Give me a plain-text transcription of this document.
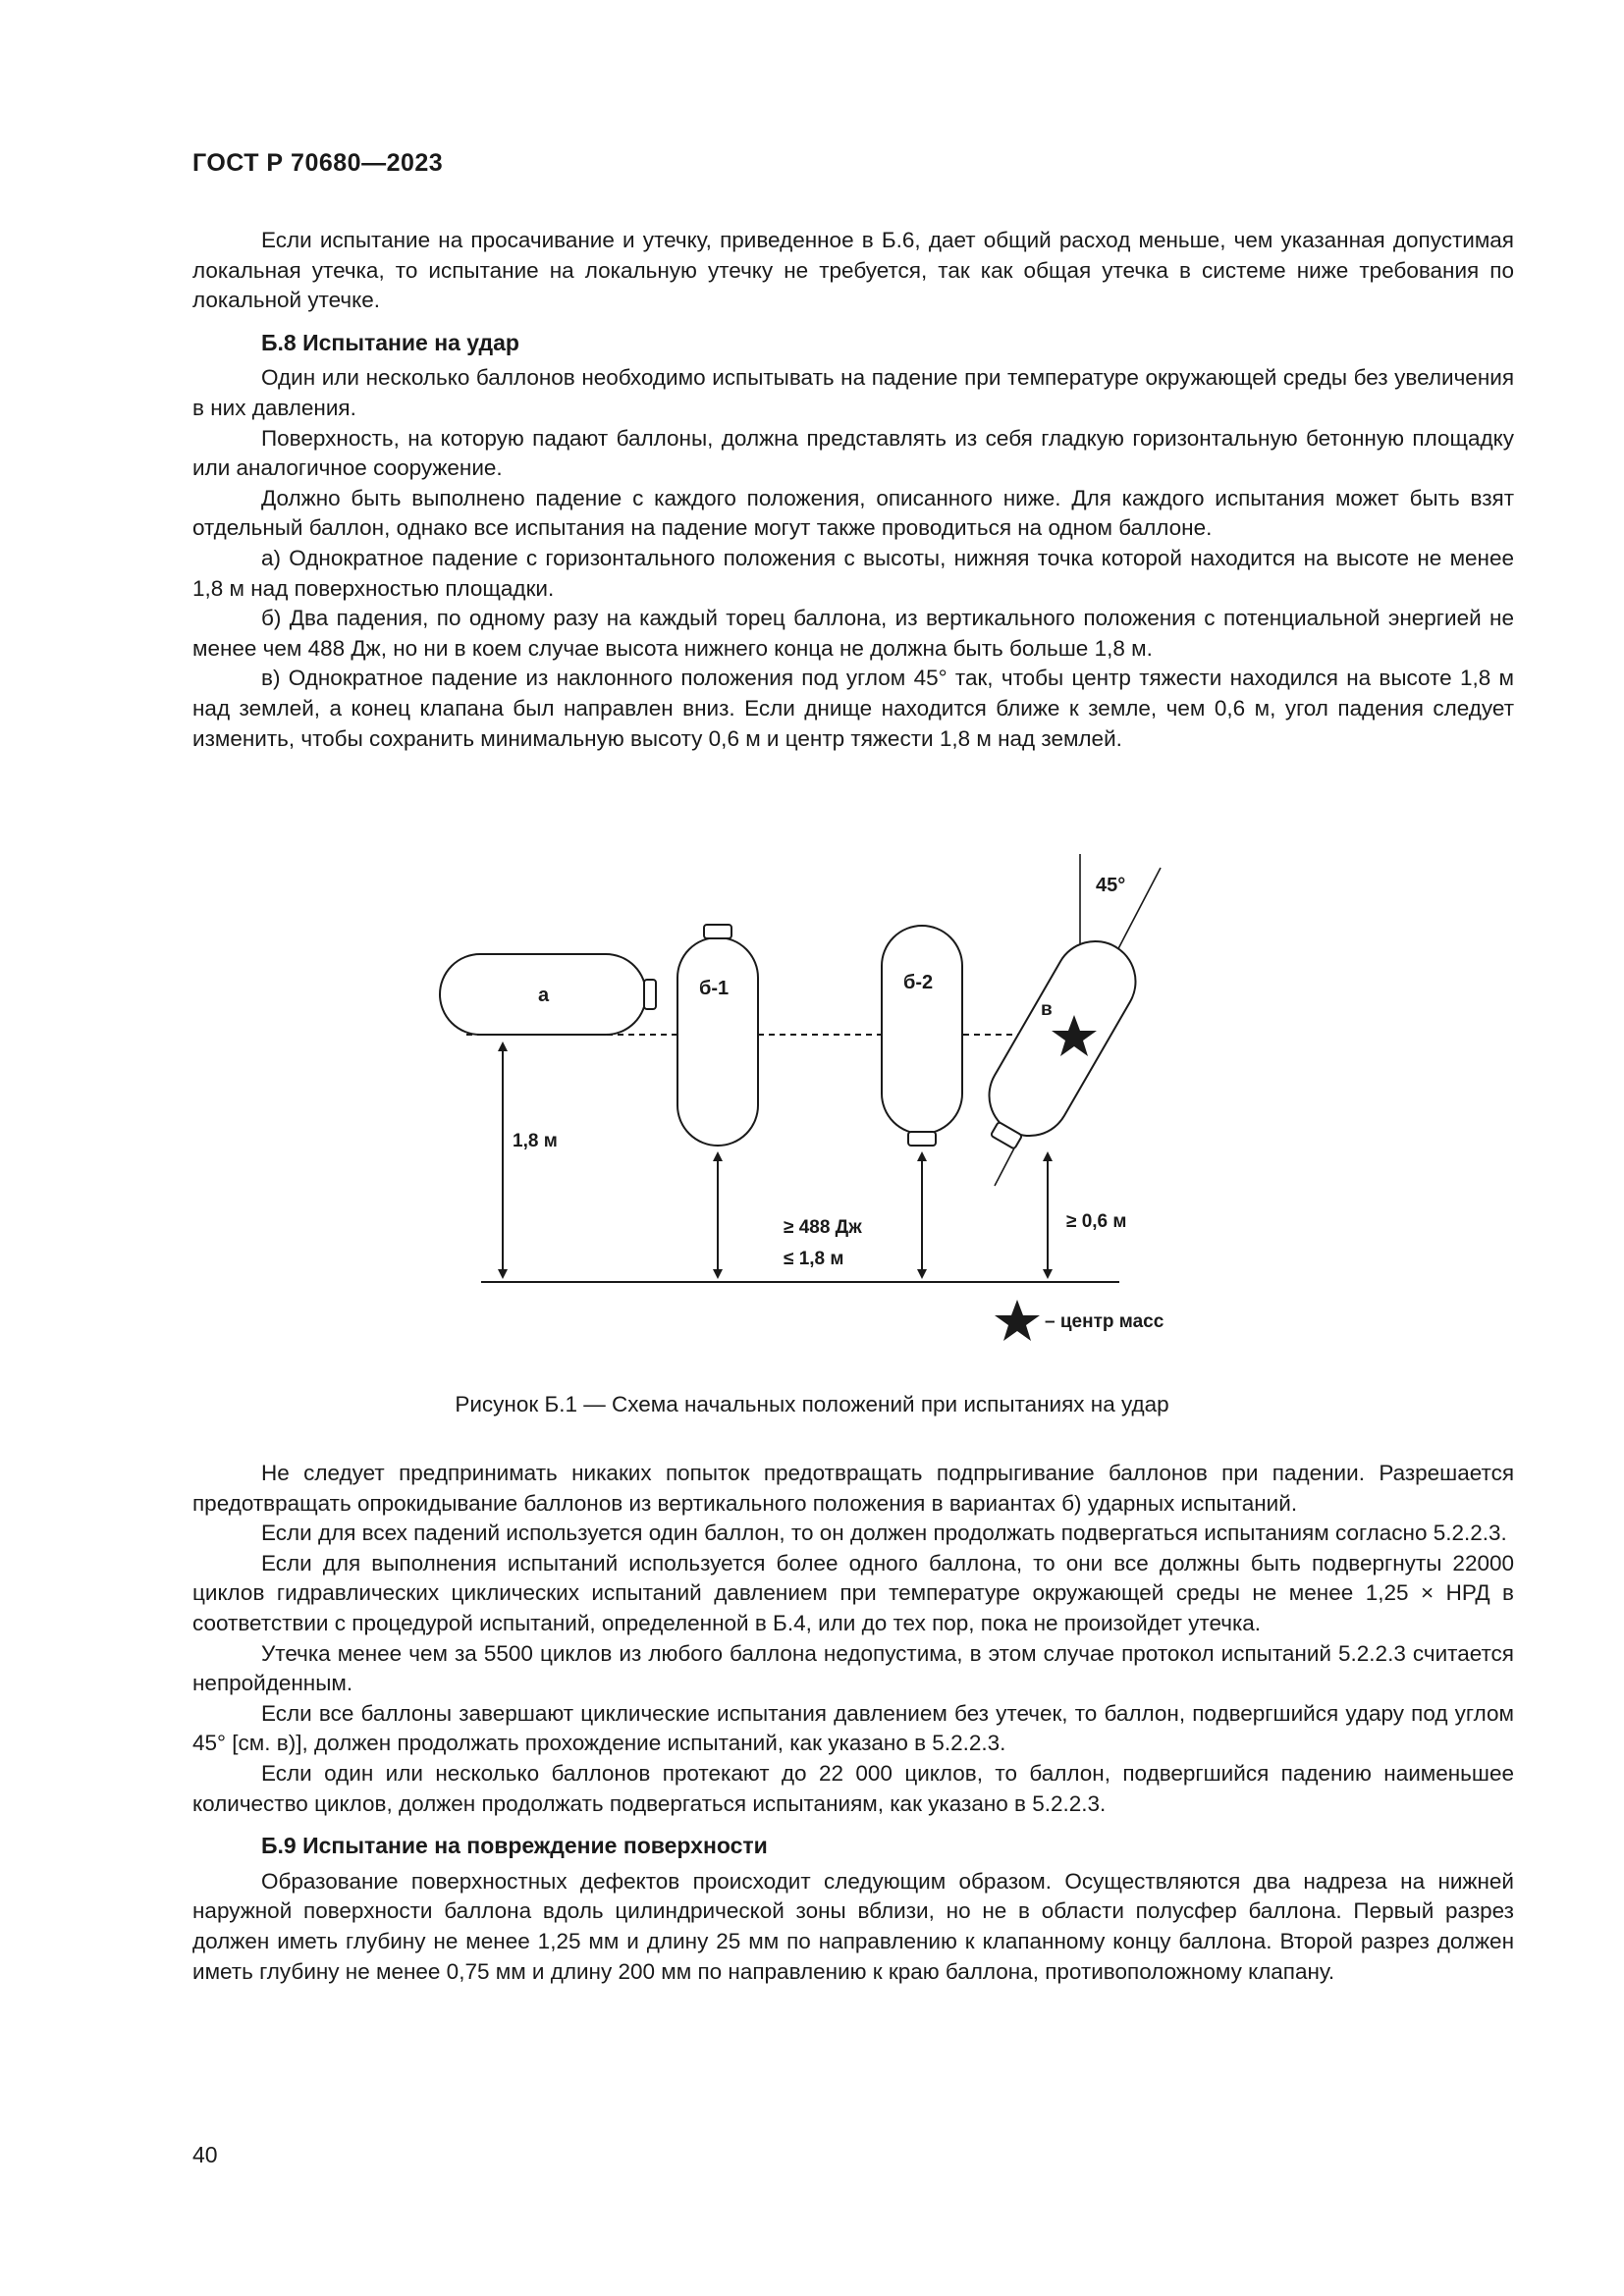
ГОСТ Р 70680—2023

Если испытание на просачивание и утечку, приведенное в Б.6, дает общий расход меньше, чем указанная допустимая локальная утечка, то испытание на локальную утечку не требуется, так как общая утечка в системе ниже требования по локальной утечке.

Б.8 Испытание на удар

Один или несколько баллонов необходимо испытывать на падение при температуре окружающей среды без увеличения в них давления.

Поверхность, на которую падают баллоны, должна представлять из себя гладкую горизонтальную бетонную площадку или аналогичное сооружение.

Должно быть выполнено падение с каждого положения, описанного ниже. Для каждого испытания может быть взят отдельный баллон, однако все испытания на падение могут также проводиться на одном баллоне.

а) Однократное падение с горизонтального положения с высоты, нижняя точка которой находится на высоте не менее 1,8 м над поверхностью площадки.

б) Два падения, по одному разу на каждый торец баллона, из вертикального положения с потенциальной энергией не менее чем 488 Дж, но ни в коем случае высота нижнего конца не должна быть больше 1,8 м.

в) Однократное падение из наклонного положения под углом 45° так, чтобы центр тяжести находился на высоте 1,8 м над землей, а конец клапана был направлен вниз. Если днище находится ближе к земле, чем 0,6 м, угол падения следует изменить, чтобы сохранить минимальную высоту 0,6 м и центр тяжести 1,8 м над землей.

а	б-1	б-2
45°
в
1,8 м
≥ 488 Дж
≤ 1,8 м
≥ 0,6 м
– центр масс
Рисунок Б.1 — Схема начальных положений при испытаниях на удар

Не следует предпринимать никаких попыток предотвращать подпрыгивание баллонов при падении. Разрешается предотвращать опрокидывание баллонов из вертикального положения в вариантах б) ударных испытаний.

Если для всех падений используется один баллон, то он должен продолжать подвергаться испытаниям согласно 5.2.2.3.

Если для выполнения испытаний используется более одного баллона, то они все должны быть подвергнуты 22000 циклов гидравлических циклических испытаний давлением при температуре окружающей среды не менее 1,25 × НРД в соответствии с процедурой испытаний, определенной в Б.4, или до тех пор, пока не произойдет утечка.

Утечка менее чем за 5500 циклов из любого баллона недопустима, в этом случае протокол испытаний 5.2.2.3 считается непройденным.

Если все баллоны завершают циклические испытания давлением без утечек, то баллон, подвергшийся удару под углом 45° [см. в)], должен продолжать прохождение испытаний, как указано в 5.2.2.3.

Если один или несколько баллонов протекают до 22 000 циклов, то баллон, подвергшийся падению наименьшее количество циклов, должен продолжать подвергаться испытаниям, как указано в 5.2.2.3.

Б.9 Испытание на повреждение поверхности

Образование поверхностных дефектов происходит следующим образом. Осуществляются два надреза на нижней наружной поверхности баллона вдоль цилиндрической зоны вблизи, но не в области полусфер баллона. Первый разрез должен иметь глубину не менее 1,25 мм и длину 25 мм по направлению к клапанному концу баллона. Второй разрез должен иметь глубину не менее 0,75 мм и длину 200 мм по направлению к краю баллона, противоположному клапану.

40
